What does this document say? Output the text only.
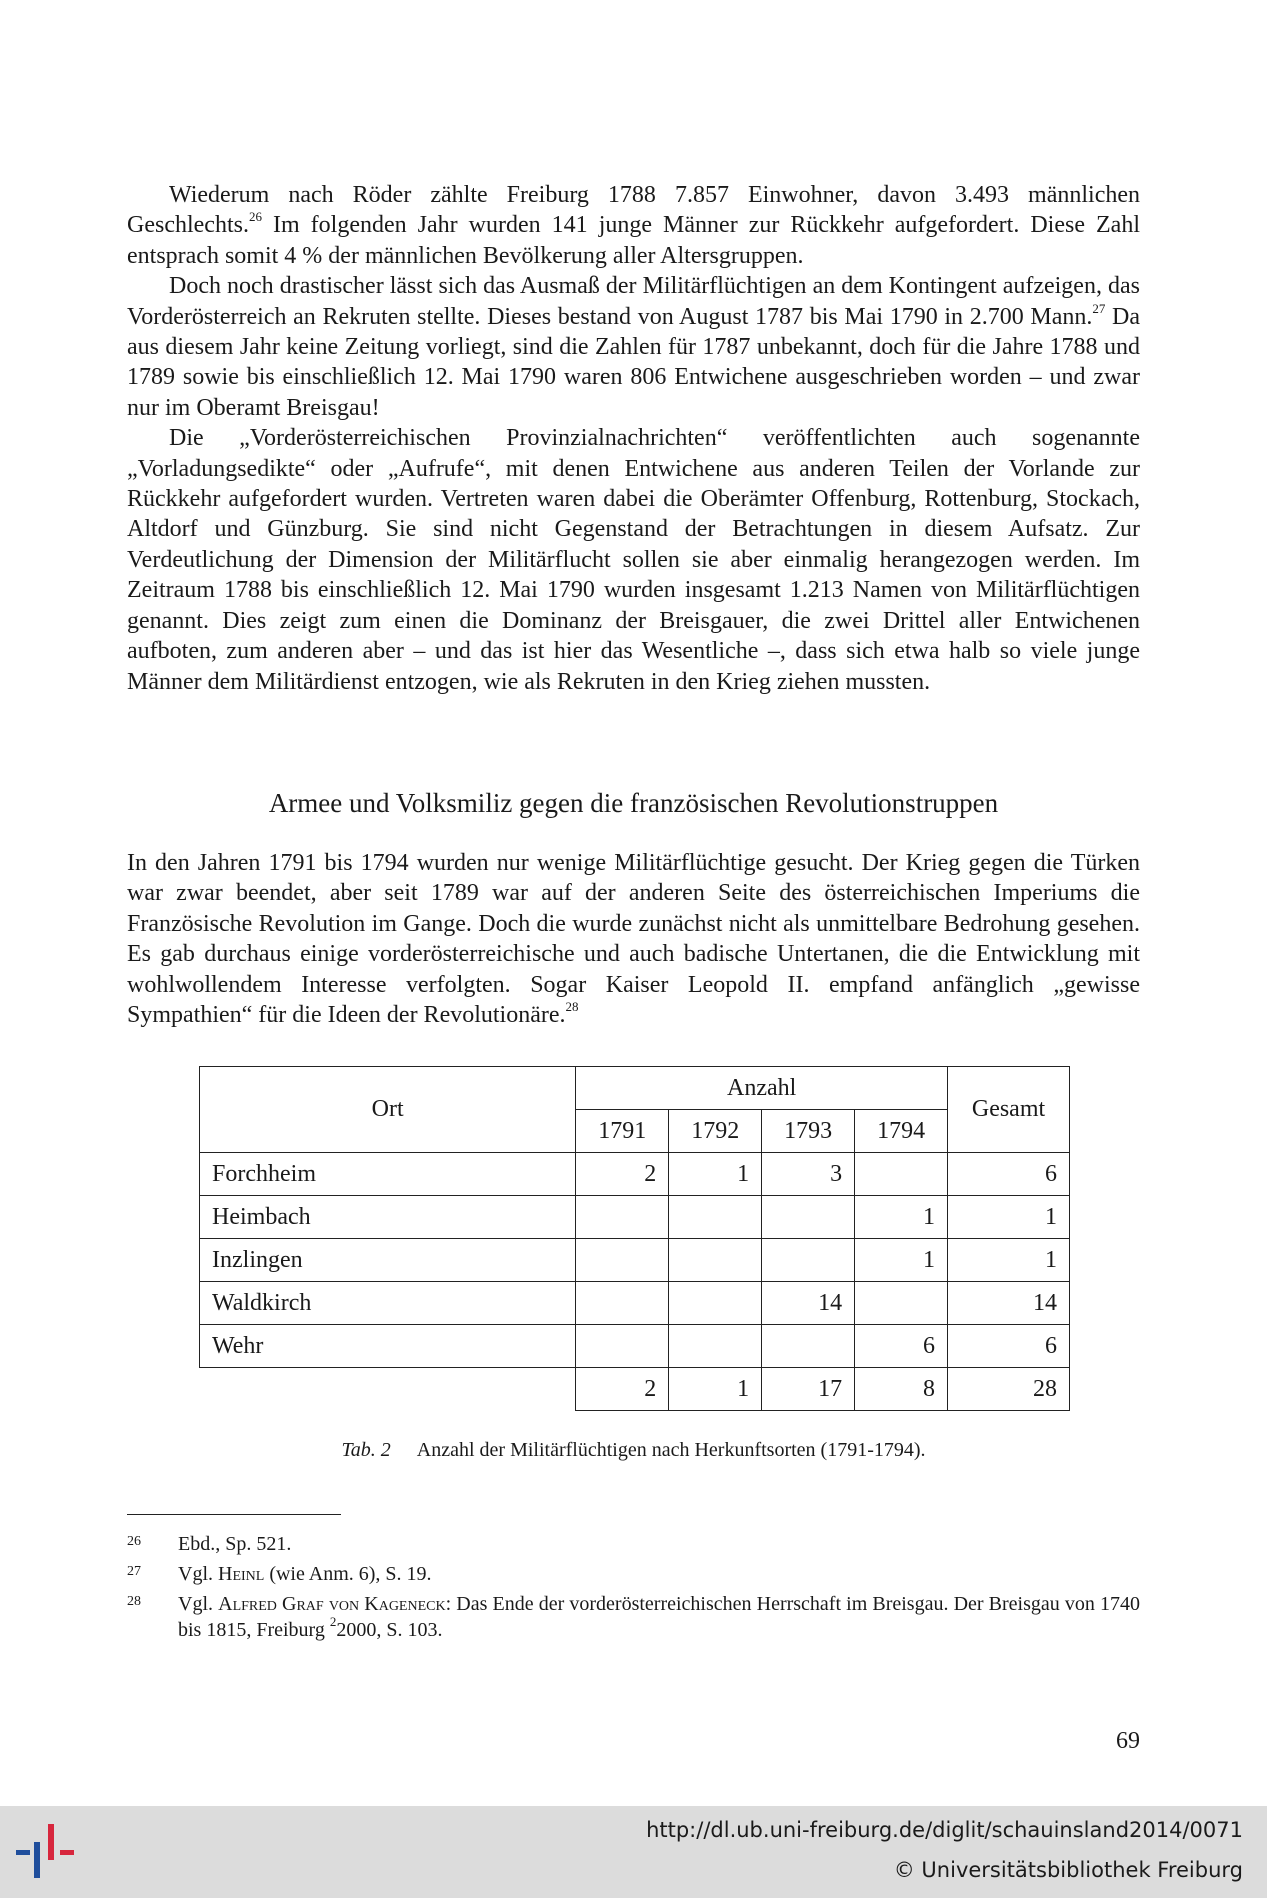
Wiederum nach Röder zählte Freiburg 1788 7.857 Einwohner, davon 3.493 männlichen Geschlechts.$^{26}$ Im folgenden Jahr wurden 141 junge Männer zur Rückkehr aufgefordert. Diese Zahl entsprach somit 4 % der männlichen Bevölkerung aller Altersgruppen.

Doch noch drastischer lässt sich das Ausmaß der Militärflüchtigen an dem Kontingent aufzeigen, das Vorderösterreich an Rekruten stellte. Dieses bestand von August 1787 bis Mai 1790 in 2.700 Mann.$^{27}$ Da aus diesem Jahr keine Zeitung vorliegt, sind die Zahlen für 1787 unbekannt, doch für die Jahre 1788 und 1789 sowie bis einschließlich 12. Mai 1790 waren 806 Entwichene ausgeschrieben worden – und zwar nur im Oberamt Breisgau!

Die „Vorderösterreichischen Provinzialnachrichten“ veröffentlichten auch sogenannte „Vorladungsedikte“ oder „Aufrufe“, mit denen Entwichene aus anderen Teilen der Vorlande zur Rückkehr aufgefordert wurden. Vertreten waren dabei die Oberämter Offenburg, Rottenburg, Stockach, Altdorf und Günzburg. Sie sind nicht Gegenstand der Betrachtungen in diesem Aufsatz. Zur Verdeutlichung der Dimension der Militärflucht sollen sie aber einmalig herangezogen werden. Im Zeitraum 1788 bis einschließlich 12. Mai 1790 wurden insgesamt 1.213 Namen von Militärflüchtigen genannt. Dies zeigt zum einen die Dominanz der Breisgauer, die zwei Drittel aller Entwichenen aufboten, zum anderen aber – und das ist hier das Wesentliche –, dass sich etwa halb so viele junge Männer dem Militärdienst entzogen, wie als Rekruten in den Krieg ziehen mussten.

Armee und Volksmiliz gegen die französischen Revolutionstruppen

In den Jahren 1791 bis 1794 wurden nur wenige Militärflüchtige gesucht. Der Krieg gegen die Türken war zwar beendet, aber seit 1789 war auf der anderen Seite des österreichischen Imperiums die Französische Revolution im Gange. Doch die wurde zunächst nicht als unmittelbare Bedrohung gesehen. Es gab durchaus einige vorderösterreichische und auch badische Untertanen, die die Entwicklung mit wohlwollendem Interesse verfolgten. Sogar Kaiser Leopold II. empfand anfänglich „gewisse Sympathien“ für die Ideen der Revolutionäre.$^{28}$

Ort	Anzahl				Gesamt
	1791	1792	1793	1794	
Forchheim	2	1	3		6
Heimbach				1	1
Inzlingen				1	1
Waldkirch			14		14
Wehr				6	6
	2	1	17	8	28
Tab. 2 Anzahl der Militärflüchtigen nach Herkunftsorten (1791-1794).
26 Ebd., Sp. 521.
27 Vgl. Heinl (wie Anm. 6), S. 19.
28 Vgl. Alfred Graf von Kageneck: Das Ende der vorderösterreichischen Herrschaft im Breisgau. Der Breisgau von 1740 bis 1815, Freiburg $^2$2000, S. 103.
69
http://dl.ub.uni-freiburg.de/diglit/schauinsland2014/0071
© Universitätsbibliothek Freiburg
